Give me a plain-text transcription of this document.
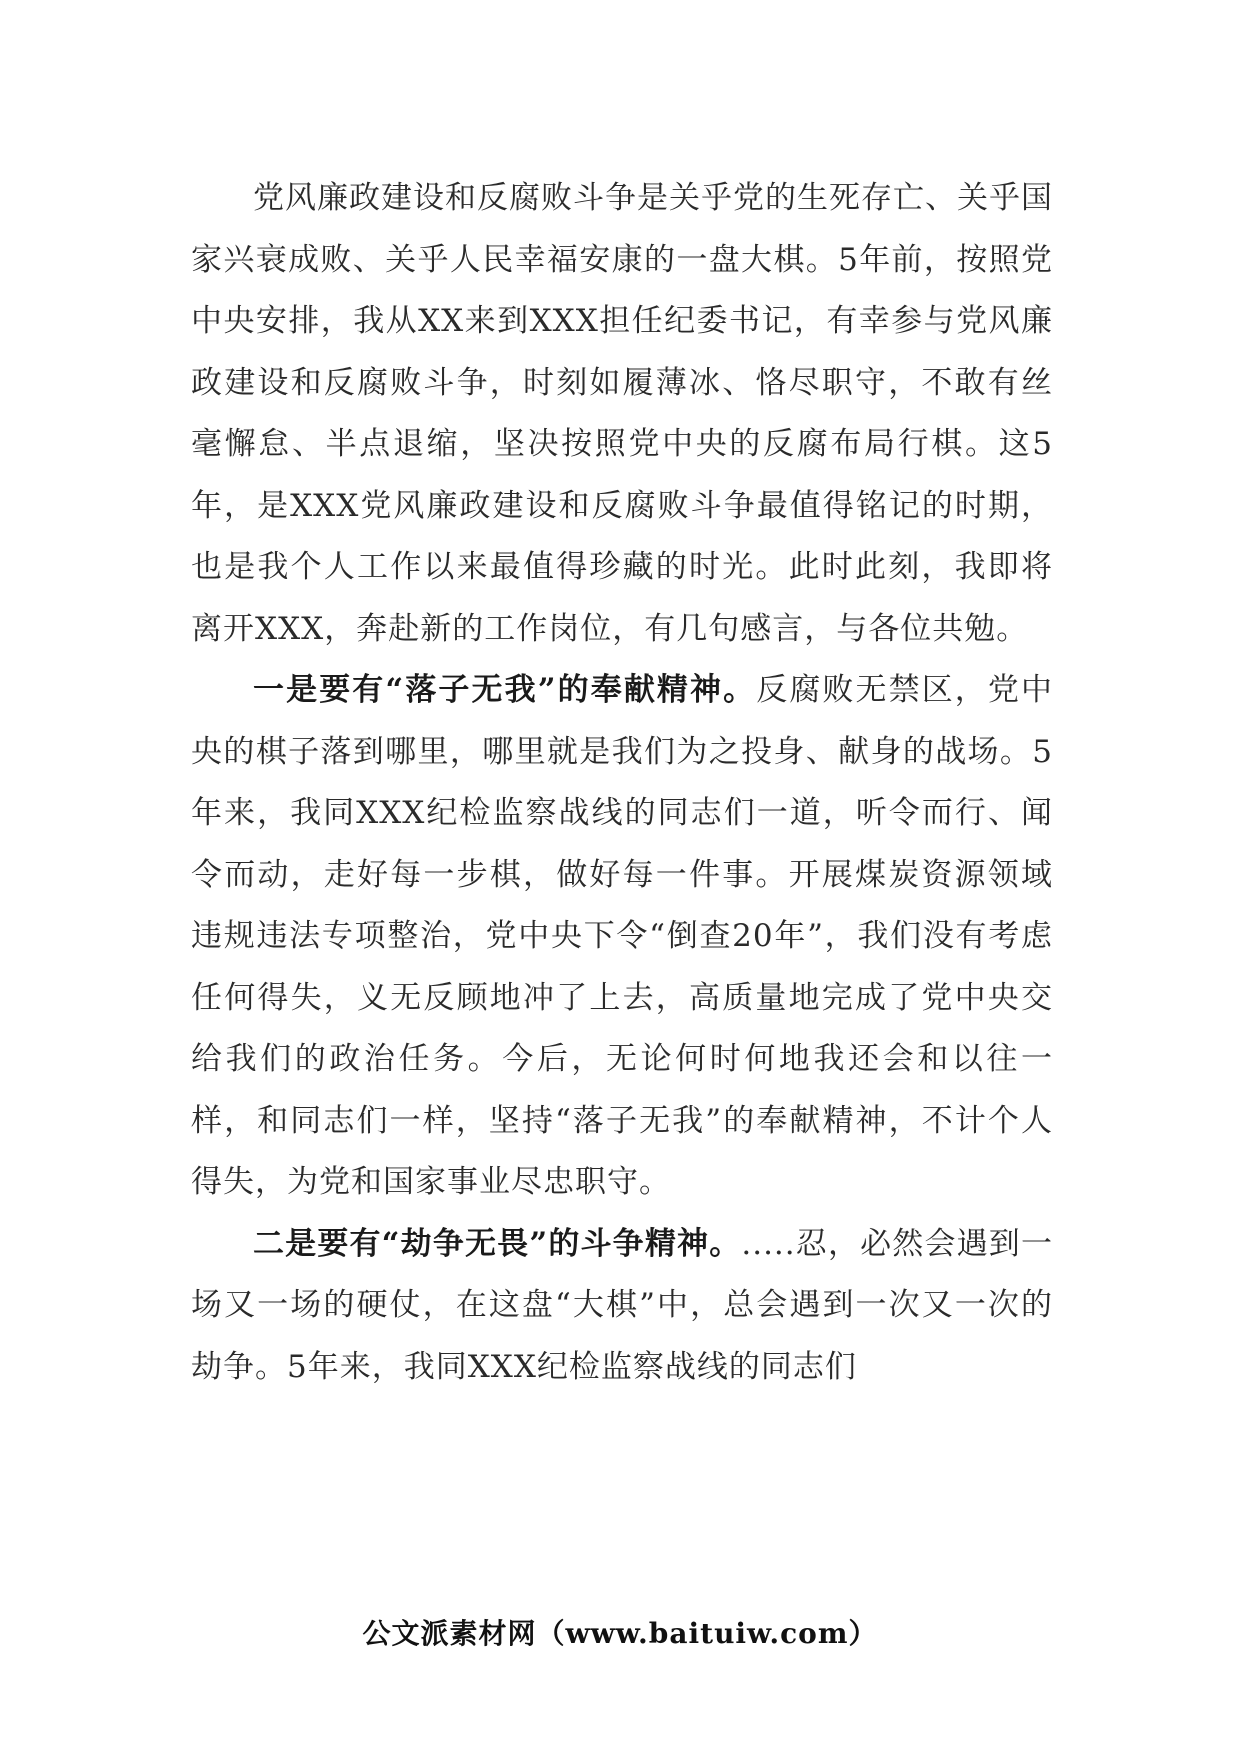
党风廉政建设和反腐败斗争是关乎党的生死存亡、关乎国家兴衰成败、关乎人民幸福安康的一盘大棋。5年前，按照党中央安排，我从XX来到XXX担任纪委书记，有幸参与党风廉政建设和反腐败斗争，时刻如履薄冰、恪尽职守，不敢有丝毫懈怠、半点退缩，坚决按照党中央的反腐布局行棋。这5年，是XXX党风廉政建设和反腐败斗争最值得铭记的时期，也是我个人工作以来最值得珍藏的时光。此时此刻，我即将离开XXX，奔赴新的工作岗位，有几句感言，与各位共勉。

一是要有“落子无我”的奉献精神。反腐败无禁区，党中央的棋子落到哪里，哪里就是我们为之投身、献身的战场。5年来，我同XXX纪检监察战线的同志们一道，听令而行、闻令而动，走好每一步棋，做好每一件事。开展煤炭资源领域违规违法专项整治，党中央下令“倒查20年”，我们没有考虑任何得失，义无反顾地冲了上去，高质量地完成了党中央交给我们的政治任务。今后，无论何时何地我还会和以往一样，和同志们一样，坚持“落子无我”的奉献精神，不计个人得失，为党和国家事业尽忠职守。

二是要有“劫争无畏”的斗争精神。.....忍，必然会遇到一场又一场的硬仗，在这盘“大棋”中，总会遇到一次又一次的劫争。5年来，我同XXX纪检监察战线的同志们

公文派素材网（www.baituiw.com）
